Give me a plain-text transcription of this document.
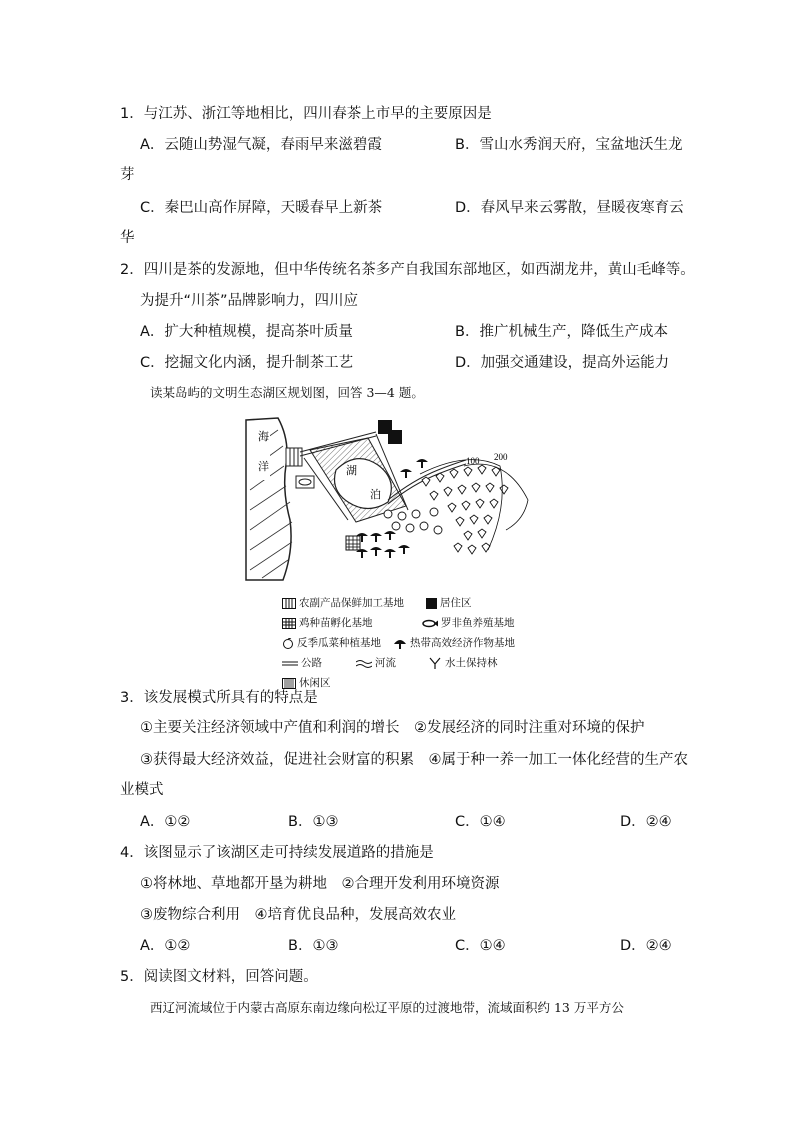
1．与江苏、浙江等地相比，四川春茶上市早的主要原因是
A．云随山势湿气凝，春雨早来滋碧霞	B．雪山水秀润天府，宝盆地沃生龙
芽
C．秦巴山高作屏障，天暖春早上新茶	D．春风早来云雾散，昼暖夜寒育云
华
2．四川是茶的发源地，但中华传统名茶多产自我国东部地区，如西湖龙井，黄山毛峰等。
为提升“川茶”品牌影响力，四川应
A．扩大种植规模，提高茶叶质量	B．推广机械生产，降低生产成本
C．挖掘文化内涵，提升制茶工艺	D．加强交通建设，提高外运能力
读某岛屿的文明生态湖区规划图，回答 3—4 题。
海
洋	湖
泊
100 200
农副产品保鲜加工基地	居住区
鸡种苗孵化基地	罗非鱼养殖基地
反季瓜菜种植基地	热带高效经济作物基地
公路	河流	水土保持林
休闲区
3．该发展模式所具有的特点是
①主要关注经济领域中产值和利润的增长　②发展经济的同时注重对环境的保护
③获得最大经济效益，促进社会财富的积累　④属于种一养一加工一体化经营的生产农
业模式
A．①②	B．①③	C．①④	D．②④
4．该图显示了该湖区走可持续发展道路的措施是
①将林地、草地都开垦为耕地　②合理开发利用环境资源
③废物综合利用　④培育优良品种，发展高效农业
A．①②	B．①③	C．①④	D．②④
5．阅读图文材料，回答问题。
西辽河流域位于内蒙古高原东南边缘向松辽平原的过渡地带，流域面积约 13 万平方公
